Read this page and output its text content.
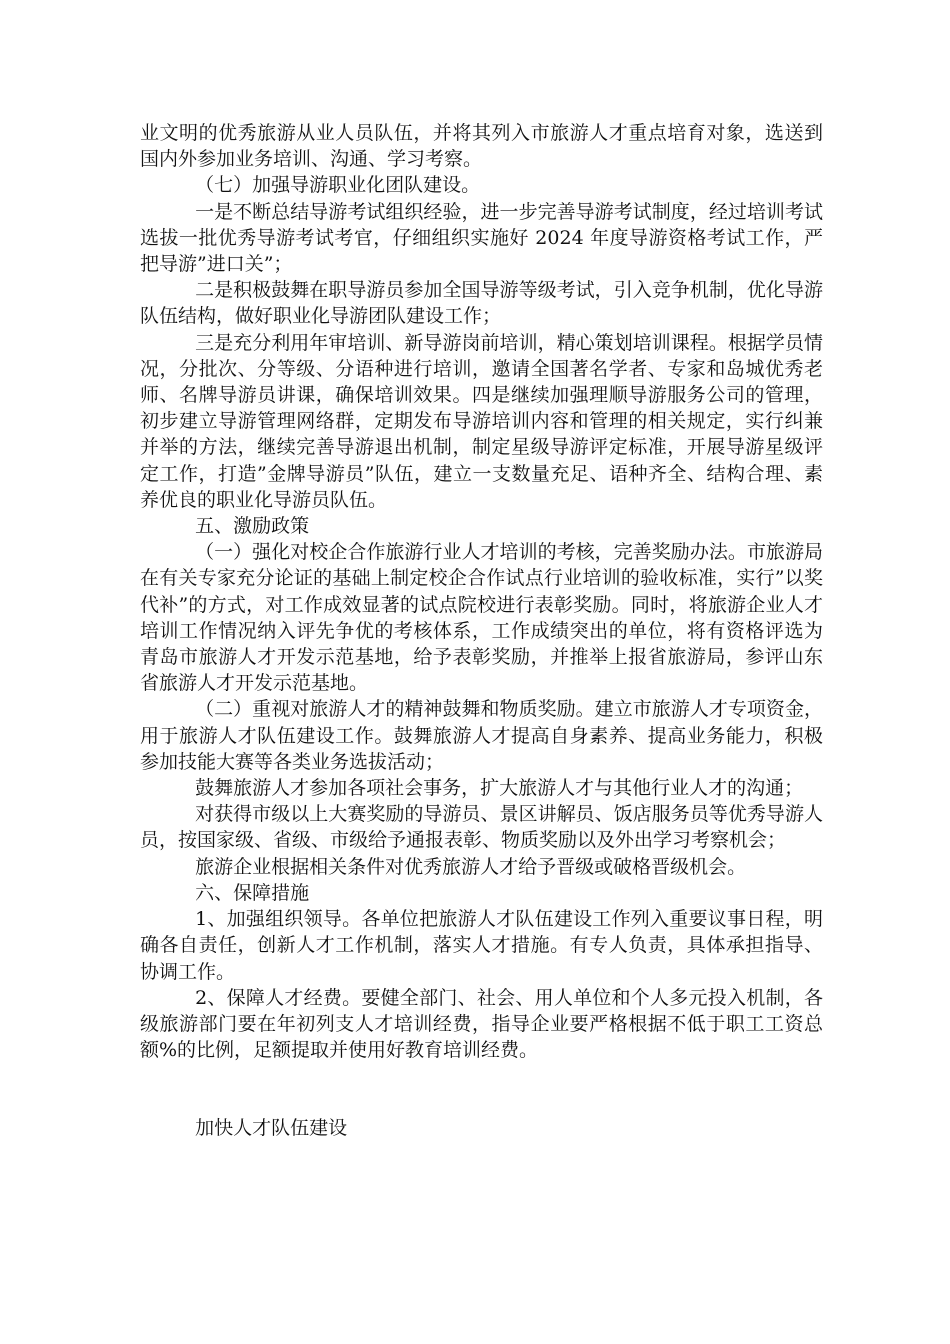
业文明的优秀旅游从业人员队伍，并将其列入市旅游人才重点培育对象，选送到国内外参加业务培训、沟通、学习考察。

（七）加强导游职业化团队建设。

一是不断总结导游考试组织经验，进一步完善导游考试制度，经过培训考试选拔一批优秀导游考试考官，仔细组织实施好 2024 年度导游资格考试工作，严把导游”进口关”；

二是积极鼓舞在职导游员参加全国导游等级考试，引入竞争机制，优化导游队伍结构，做好职业化导游团队建设工作；

三是充分利用年审培训、新导游岗前培训，精心策划培训课程。根据学员情况，分批次、分等级、分语种进行培训，邀请全国著名学者、专家和岛城优秀老师、名牌导游员讲课，确保培训效果。四是继续加强理顺导游服务公司的管理，初步建立导游管理网络群，定期发布导游培训内容和管理的相关规定，实行纠兼并举的方法，继续完善导游退出机制，制定星级导游评定标准，开展导游星级评定工作，打造”金牌导游员”队伍，建立一支数量充足、语种齐全、结构合理、素养优良的职业化导游员队伍。

五、激励政策

（一）强化对校企合作旅游行业人才培训的考核，完善奖励办法。市旅游局在有关专家充分论证的基础上制定校企合作试点行业培训的验收标准，实行”以奖代补”的方式，对工作成效显著的试点院校进行表彰奖励。同时，将旅游企业人才培训工作情况纳入评先争优的考核体系，工作成绩突出的单位，将有资格评选为青岛市旅游人才开发示范基地，给予表彰奖励，并推举上报省旅游局，参评山东省旅游人才开发示范基地。

（二）重视对旅游人才的精神鼓舞和物质奖励。建立市旅游人才专项资金，用于旅游人才队伍建设工作。鼓舞旅游人才提高自身素养、提高业务能力，积极参加技能大赛等各类业务选拔活动；

鼓舞旅游人才参加各项社会事务，扩大旅游人才与其他行业人才的沟通；

对获得市级以上大赛奖励的导游员、景区讲解员、饭店服务员等优秀导游人员，按国家级、省级、市级给予通报表彰、物质奖励以及外出学习考察机会；

旅游企业根据相关条件对优秀旅游人才给予晋级或破格晋级机会。

六、保障措施

1、加强组织领导。各单位把旅游人才队伍建设工作列入重要议事日程，明确各自责任，创新人才工作机制，落实人才措施。有专人负责，具体承担指导、协调工作。

2、保障人才经费。要健全部门、社会、用人单位和个人多元投入机制，各级旅游部门要在年初列支人才培训经费，指导企业要严格根据不低于职工工资总额%的比例，足额提取并使用好教育培训经费。

加快人才队伍建设
